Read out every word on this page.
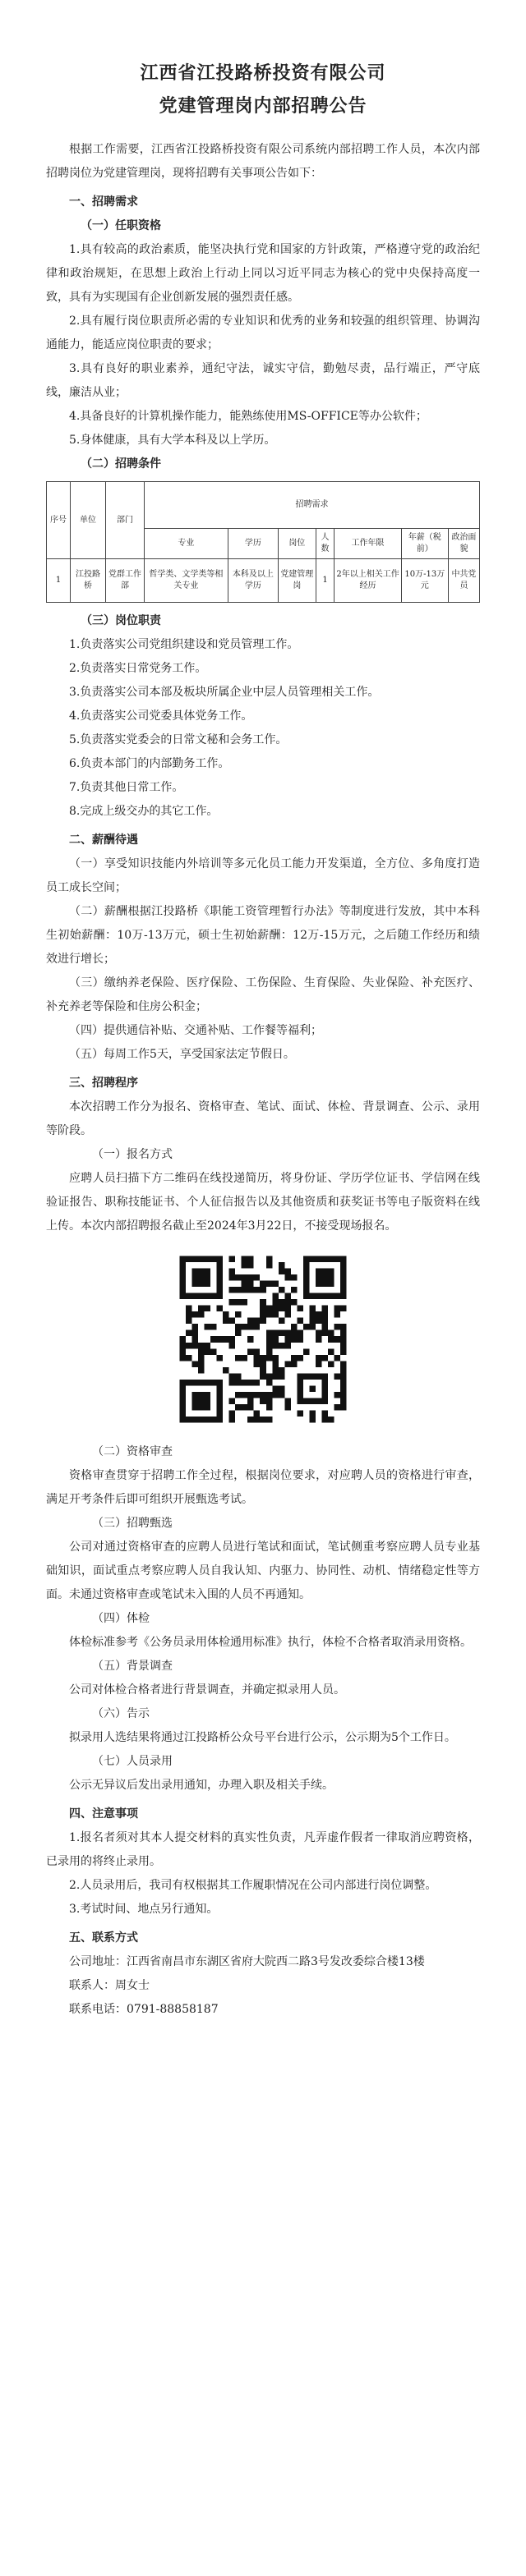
江西省江投路桥投资有限公司
党建管理岗内部招聘公告

根据工作需要，江西省江投路桥投资有限公司系统内部招聘工作人员，本次内部招聘岗位为党建管理岗，现将招聘有关事项公告如下：

一、招聘需求

（一）任职资格

1.具有较高的政治素质，能坚决执行党和国家的方针政策，严格遵守党的政治纪律和政治规矩，在思想上政治上行动上同以习近平同志为核心的党中央保持高度一致，具有为实现国有企业创新发展的强烈责任感。

2.具有履行岗位职责所必需的专业知识和优秀的业务和较强的组织管理、协调沟通能力，能适应岗位职责的要求；

3.具有良好的职业素养，通纪守法，诚实守信，勤勉尽责，品行端正，严守底线，廉洁从业；

4.具备良好的计算机操作能力，能熟练使用MS-OFFICE等办公软件；

5.身体健康，具有大学本科及以上学历。

（二）招聘条件

序号	单位	部门	招聘需求						
			专业	学历	岗位	人数	工作年限	年薪（税前）	政治面貌
1	江投路桥	党群工作部	哲学类、文学类等相关专业	本科及以上学历	党建管理岗	1	2年以上相关工作经历	10万-13万元	中共党员

（三）岗位职责

1.负责落实公司党组织建设和党员管理工作。

2.负责落实日常党务工作。

3.负责落实公司本部及板块所属企业中层人员管理相关工作。

4.负责落实公司党委具体党务工作。

5.负责落实党委会的日常文秘和会务工作。

6.负责本部门的内部勤务工作。

7.负责其他日常工作。

8.完成上级交办的其它工作。

二、薪酬待遇

（一）享受知识技能内外培训等多元化员工能力开发渠道，全方位、多角度打造员工成长空间；

（二）薪酬根据江投路桥《职能工资管理暂行办法》等制度进行发放，其中本科生初始薪酬：10万-13万元，硕士生初始薪酬：12万-15万元，之后随工作经历和绩效进行增长；

（三）缴纳养老保险、医疗保险、工伤保险、生育保险、失业保险、补充医疗、补充养老等保险和住房公积金；

（四）提供通信补贴、交通补贴、工作餐等福利；

（五）每周工作5天，享受国家法定节假日。

三、招聘程序

本次招聘工作分为报名、资格审查、笔试、面试、体检、背景调查、公示、录用等阶段。

（一）报名方式

应聘人员扫描下方二维码在线投递简历，将身份证、学历学位证书、学信网在线验证报告、职称技能证书、个人征信报告以及其他资质和获奖证书等电子版资料在线上传。本次内部招聘报名截止至2024年3月22日，不接受现场报名。

（二）资格审查

资格审查贯穿于招聘工作全过程，根据岗位要求，对应聘人员的资格进行审查，满足开考条件后即可组织开展甄选考试。

（三）招聘甄选

公司对通过资格审查的应聘人员进行笔试和面试，笔试侧重考察应聘人员专业基础知识，面试重点考察应聘人员自我认知、内驱力、协同性、动机、情绪稳定性等方面。未通过资格审查或笔试未入围的人员不再通知。

（四）体检

体检标准参考《公务员录用体检通用标准》执行，体检不合格者取消录用资格。

（五）背景调查

公司对体检合格者进行背景调查，并确定拟录用人员。

（六）告示

拟录用人选结果将通过江投路桥公众号平台进行公示，公示期为5个工作日。

（七）人员录用

公示无异议后发出录用通知，办理入职及相关手续。

四、注意事项

1.报名者须对其本人提交材料的真实性负责，凡弄虚作假者一律取消应聘资格，已录用的将终止录用。

2.人员录用后，我司有权根据其工作履职情况在公司内部进行岗位调整。

3.考试时间、地点另行通知。

五、联系方式

公司地址：江西省南昌市东湖区省府大院西二路3号发改委综合楼13楼

联系人：周女士

联系电话：0791-88858187
